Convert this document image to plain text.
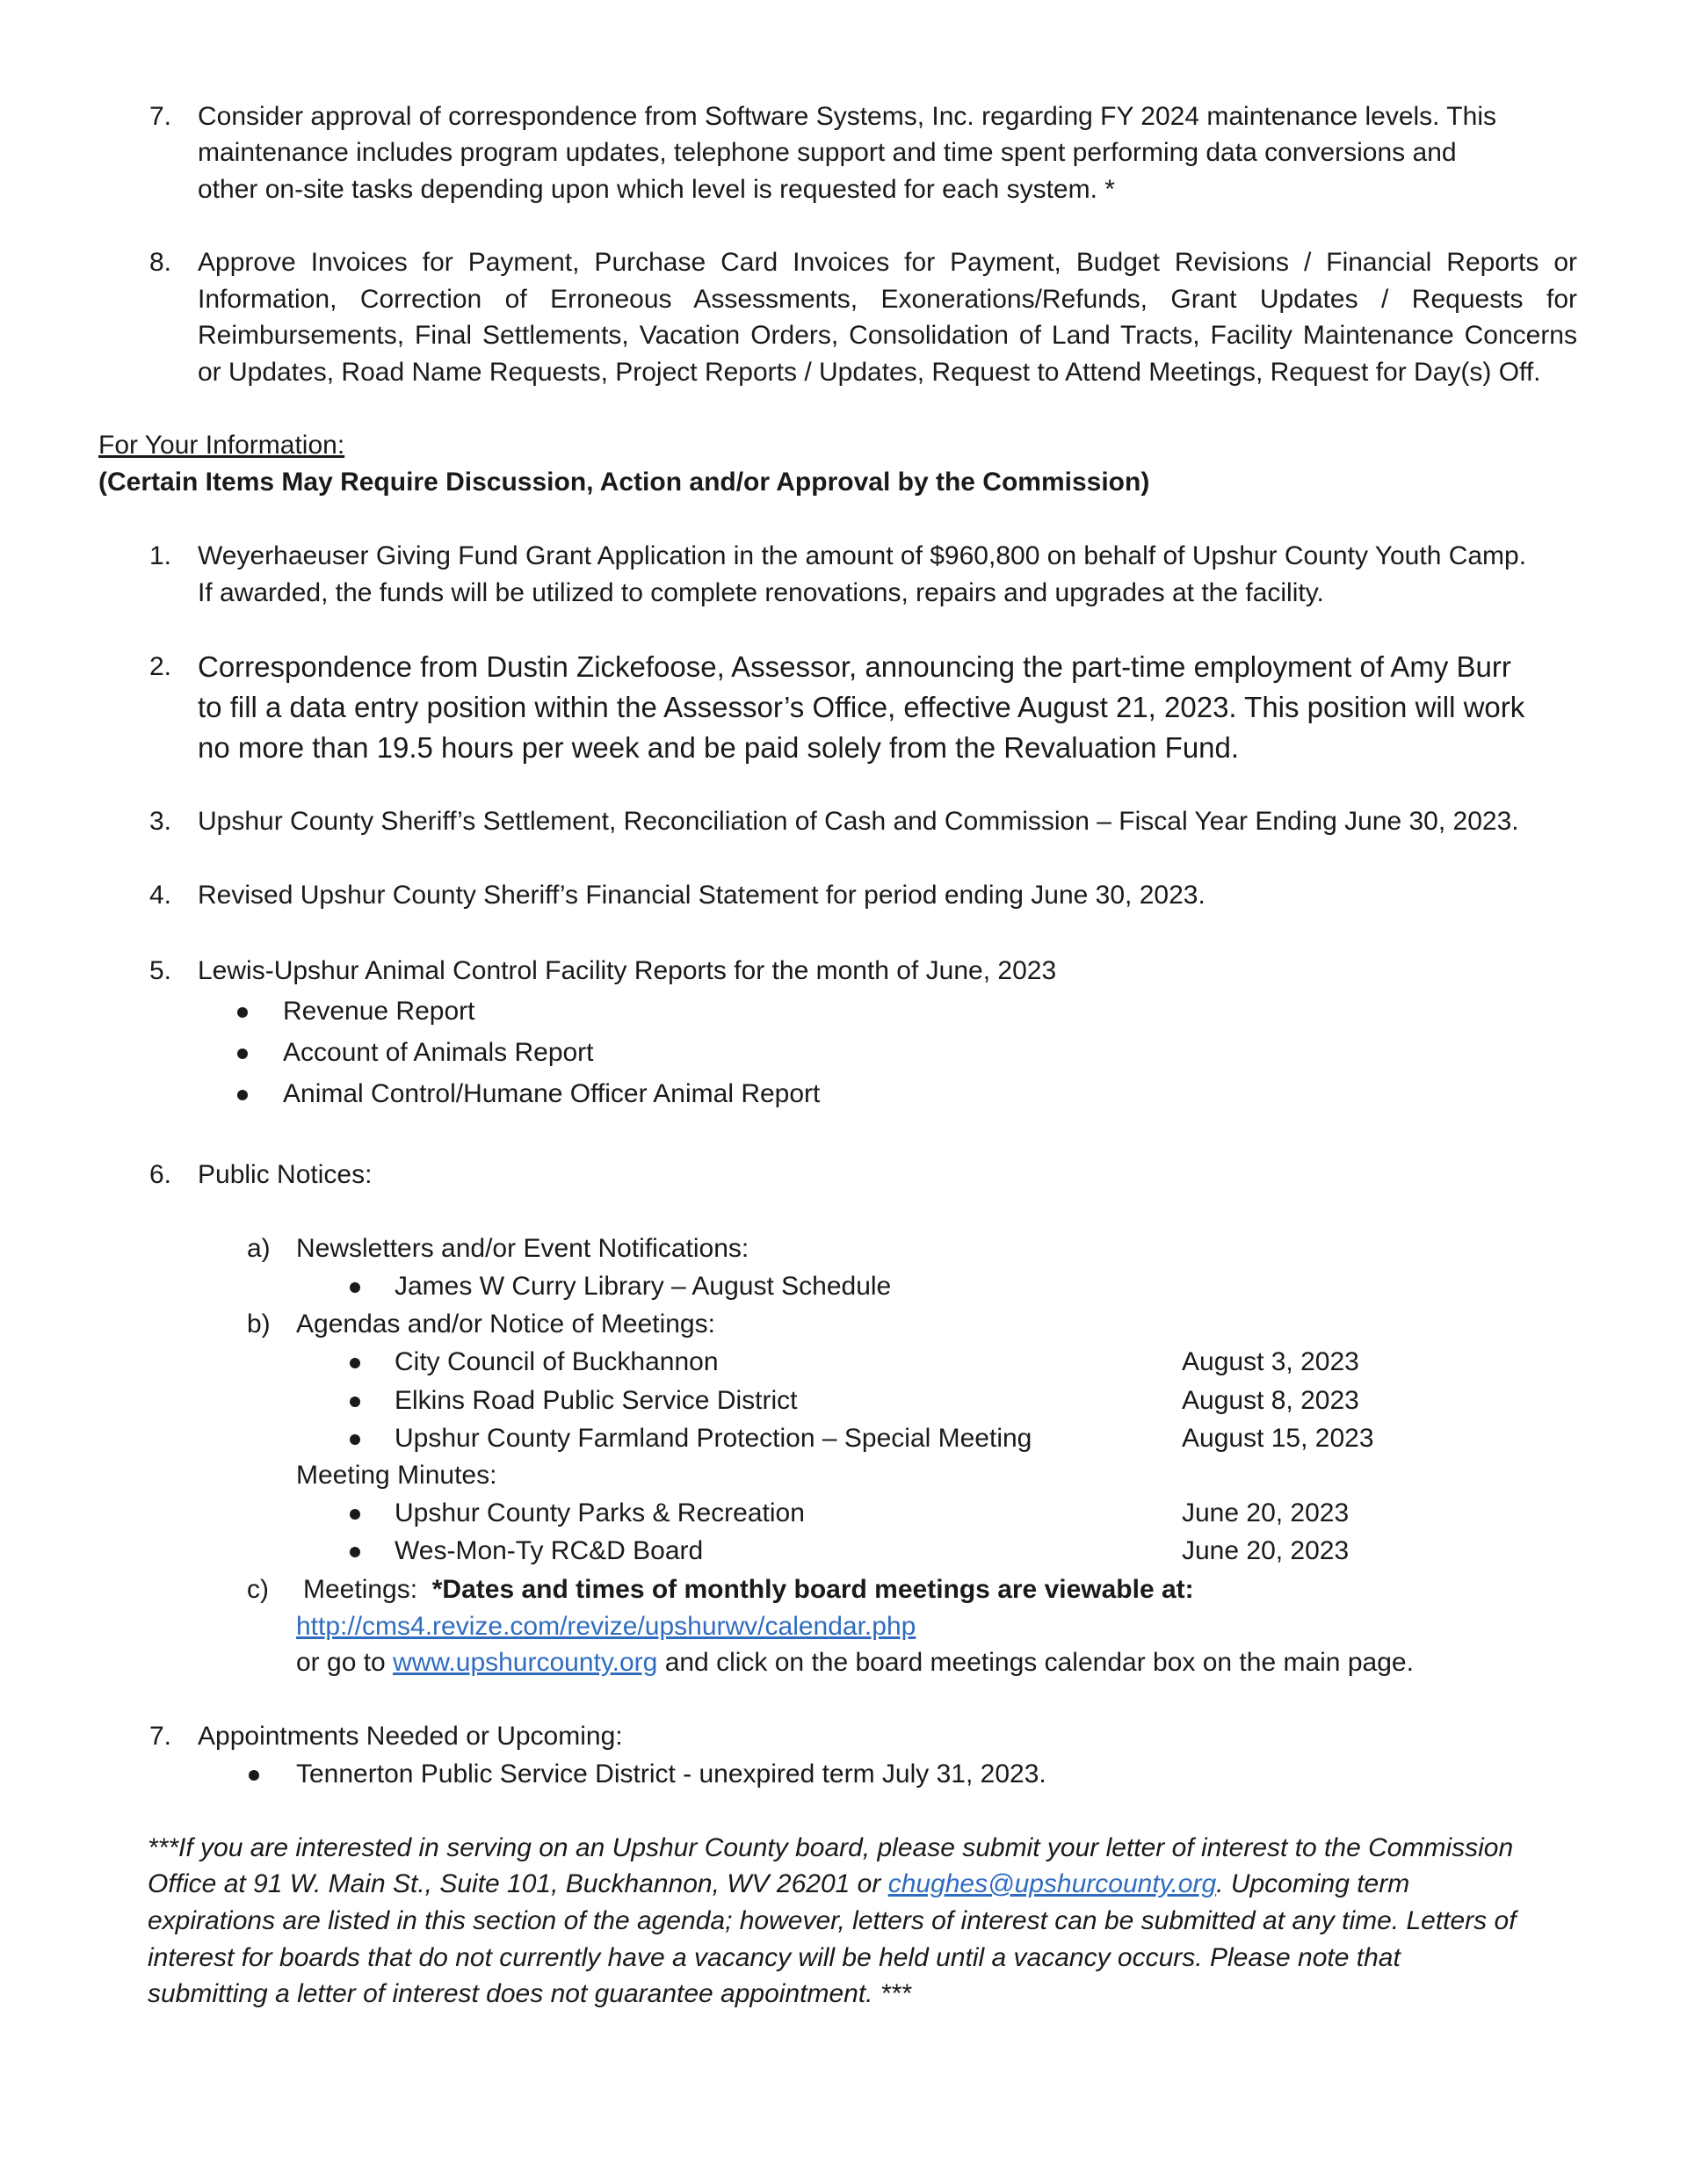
7. Consider approval of correspondence from Software Systems, Inc. regarding FY 2024 maintenance levels. This
maintenance includes program updates, telephone support and time spent performing data conversions and
other on-site tasks depending upon which level is requested for each system. *
8. Approve Invoices for Payment, Purchase Card Invoices for Payment, Budget Revisions / Financial Reports or
Information, Correction of Erroneous Assessments, Exonerations/Refunds, Grant Updates / Requests for
Reimbursements, Final Settlements, Vacation Orders, Consolidation of Land Tracts, Facility Maintenance Concerns
or Updates, Road Name Requests, Project Reports / Updates, Request to Attend Meetings, Request for Day(s) Off.
For Your Information:
(Certain Items May Require Discussion, Action and/or Approval by the Commission)
1. Weyerhaeuser Giving Fund Grant Application in the amount of $960,800 on behalf of Upshur County Youth Camp.
If awarded, the funds will be utilized to complete renovations, repairs and upgrades at the facility.
2. Correspondence from Dustin Zickefoose, Assessor, announcing the part-time employment of Amy Burr
to fill a data entry position within the Assessor’s Office, effective August 21, 2023. This position will work
no more than 19.5 hours per week and be paid solely from the Revaluation Fund.
3. Upshur County Sheriff’s Settlement, Reconciliation of Cash and Commission – Fiscal Year Ending June 30, 2023.
4. Revised Upshur County Sheriff’s Financial Statement for period ending June 30, 2023.
5. Lewis-Upshur Animal Control Facility Reports for the month of June, 2023
Revenue Report
Account of Animals Report
Animal Control/Humane Officer Animal Report
6. Public Notices:
a) Newsletters and/or Event Notifications:
James W Curry Library – August Schedule
b) Agendas and/or Notice of Meetings:
City Council of Buckhannon	August 3, 2023
Elkins Road Public Service District	August 8, 2023
Upshur County Farmland Protection – Special Meeting	August 15, 2023
Meeting Minutes:
Upshur County Parks & Recreation	June 20, 2023
Wes-Mon-Ty RC&D Board	June 20, 2023
c) Meetings: *Dates and times of monthly board meetings are viewable at:
http://cms4.revize.com/revize/upshurwv/calendar.php
or go to www.upshurcounty.org and click on the board meetings calendar box on the main page.
7. Appointments Needed or Upcoming:
Tennerton Public Service District - unexpired term July 31, 2023.
***If you are interested in serving on an Upshur County board, please submit your letter of interest to the Commission
Office at 91 W. Main St., Suite 101, Buckhannon, WV 26201 or chughes@upshurcounty.org. Upcoming term
expirations are listed in this section of the agenda; however, letters of interest can be submitted at any time. Letters of
interest for boards that do not currently have a vacancy will be held until a vacancy occurs. Please note that
submitting a letter of interest does not guarantee appointment. ***
